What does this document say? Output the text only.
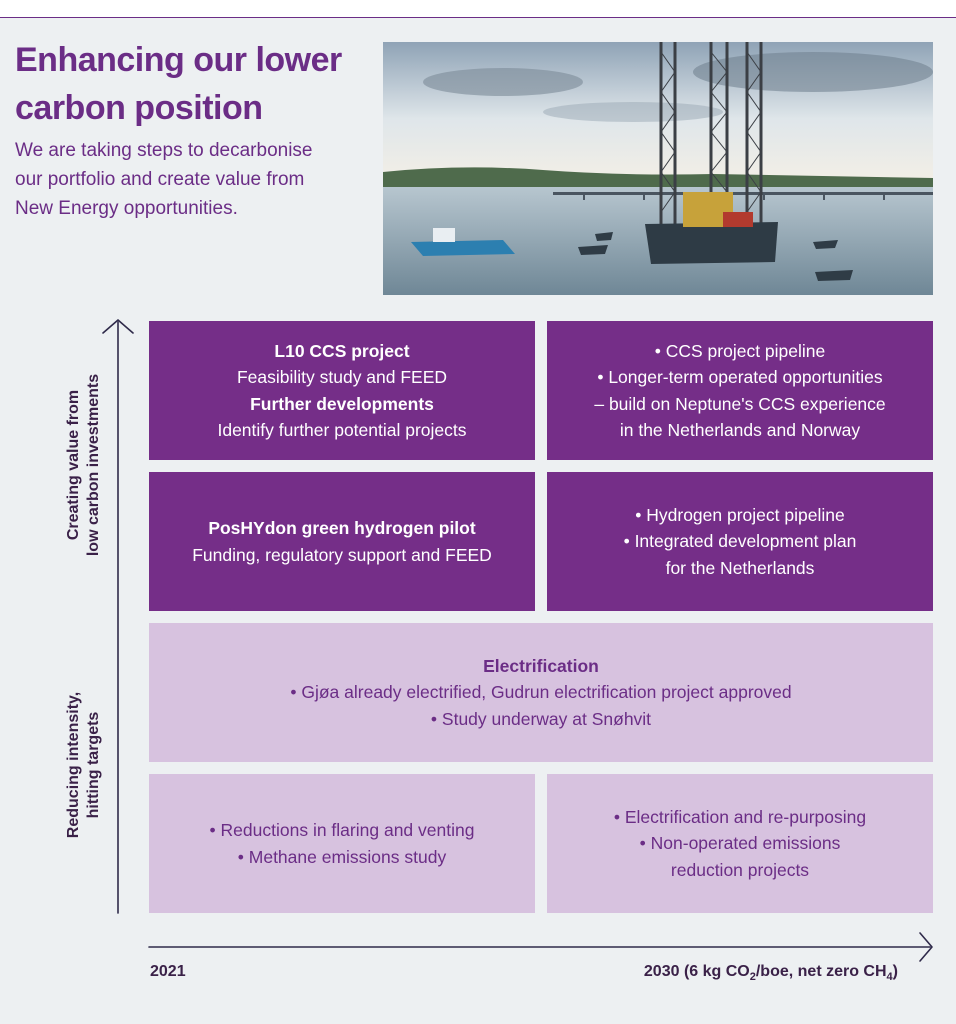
Enhancing our lower
carbon position

We are taking steps to decarbonise
our portfolio and create value from
New Energy opportunities.

L10 CCS project
Feasibility study and FEED
Further developments
Identify further potential projects
• CCS project pipeline
• Longer-term operated opportunities
– build on Neptune's CCS experience
in the Netherlands and Norway
PosHYdon green hydrogen pilot
Funding, regulatory support and FEED
• Hydrogen project pipeline
• Integrated development plan
for the Netherlands
Electrification
• Gjøa already electrified, Gudrun electrification project approved
• Study underway at Snøhvit
• Reductions in flaring and venting
• Methane emissions study
• Electrification and re-purposing
• Non-operated emissions
reduction projects
Creating value from low carbon investments
Reducing intensity, hitting targets
2021	2030 (6 kg $CO_2$/boe, net zero $CH_4$)
